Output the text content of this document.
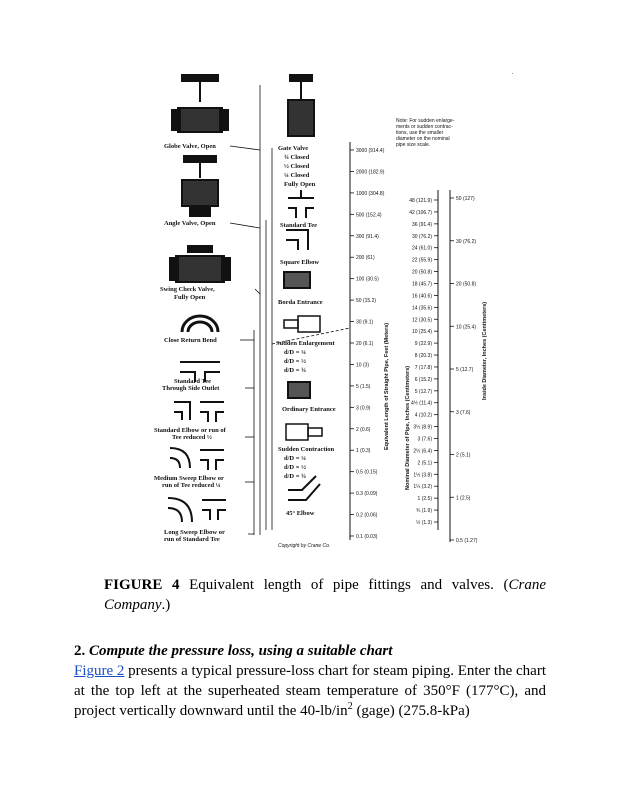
Globe Valve, Open
Angle Valve, Open
Swing Check Valve,
Fully Open
Close Return Bend
Standard Tee
Through Side Outlet
Standard Elbow or run of
Tee reduced ½
Medium Sweep Elbow or
run of Tee reduced ¼
Long Sweep Elbow or
run of Standard Tee
Gate Valve
¾ Closed
½ Closed
¼ Closed
Fully Open
Standard Tee
Square Elbow
Borda Entrance
Sudden Enlargement
d/D = ¼
d/D = ½
d/D = ¾
Ordinary Entrance
Sudden Contraction
d/D = ¼
d/D = ½
d/D = ¾
45° Elbow
Copyright by Crane Co.
Note: For sudden enlarge-
ments or sudden contrac-
tions, use the smaller
diameter on the nominal
pipe size scale.
3000 (914.4)
2000 (182.9)
1000 (304.8)
500 (152.4)
300 (91.4)
200 (61)
100 (30.5)
50 (15.2)
30 (9.1)
20 (6.1)
10 (3)
5 (1.5)
3 (0.9)
2 (0.6)
1 (0.3)
0.5 (0.15)
0.3 (0.09)
0.2 (0.06)
0.1 (0.03)
48 (121.9)
42 (106.7)
36 (91.4)
30 (76.2)
24 (61.0)
22 (55.9)
20 (50.8)
18 (45.7)
16 (40.6)
14 (35.6)
12 (30.5)
10 (25.4)
9 (22.9)
8 (20.3)
7 (17.8)
6 (15.2)
5 (12.7)
4½ (11.4)
4 (10.2)
3½ (8.9)
3 (7.6)
2½ (6.4)
2 (5.1)
1½ (3.8)
1¼ (3.2)
1 (2.5)
¾ (1.9)
½ (1.3)
50 (127)
30 (76.2)
20 (50.8)
10 (25.4)
5 (12.7)
3 (7.6)
2 (5.1)
1 (2.5)
0.5 (1.27)
Equivalent Length of Straight Pipe, Feet (Meters)	Nominal Diameter of Pipe, Inches (Centimeters)
Inside Diameter, Inches (Centimeters)
FIGURE 4 Equivalent length of pipe fittings and valves. (Crane Company.)
2. Compute the pressure loss, using a suitable chart
Figure 2 presents a typical pressure-loss chart for steam piping. Enter the chart at the top left at the superheated steam temperature of 350°F (177°C), and project vertically downward until the $40-lb/in^2$ (gage) (275.8-kPa)
